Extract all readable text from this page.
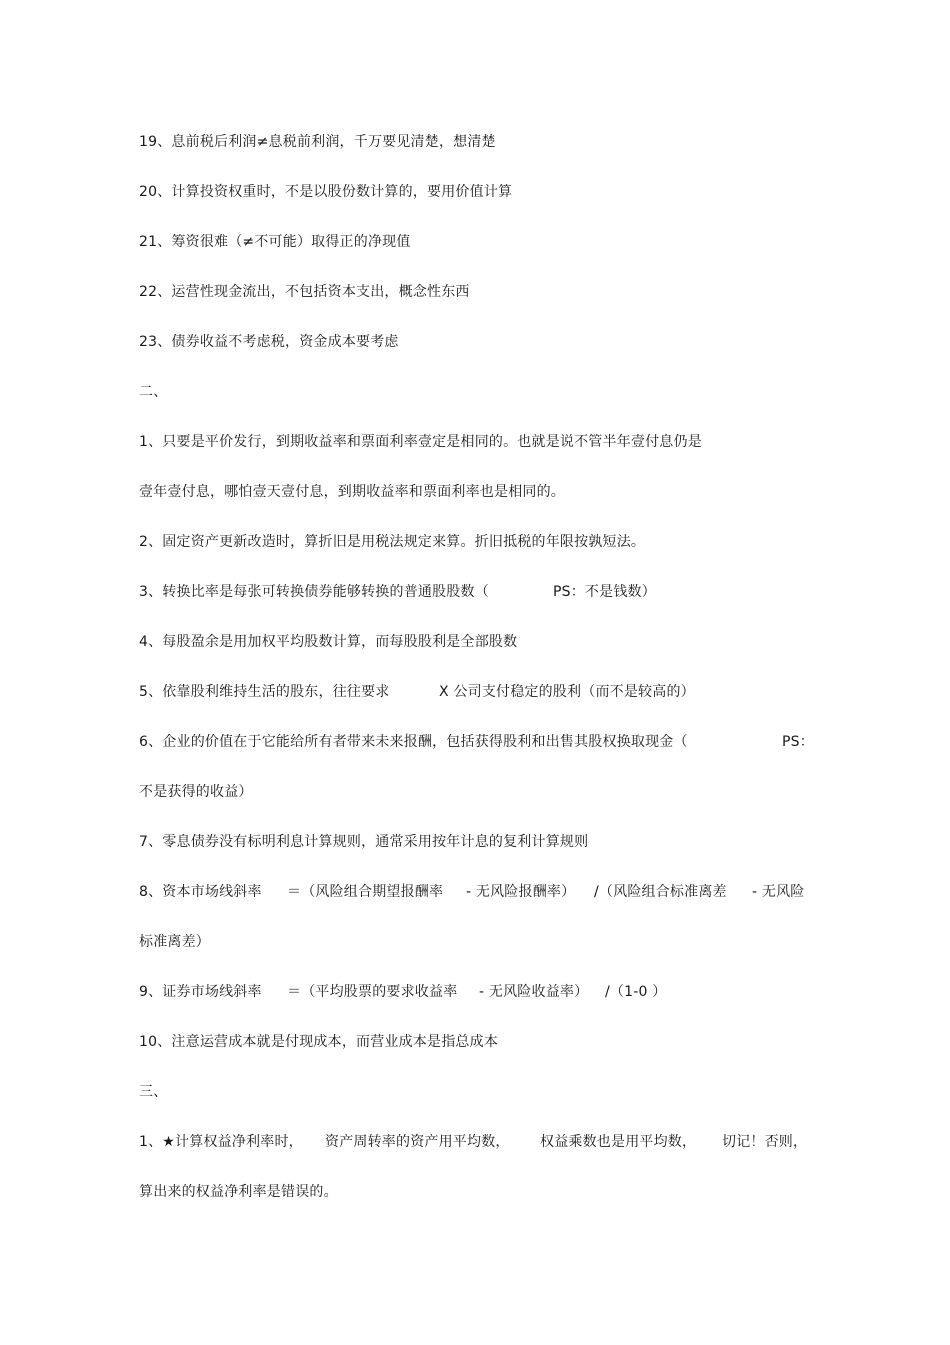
19、息前税后利润≠息税前利润，千万要见清楚，想清楚
20、计算投资权重时，不是以股份数计算的，要用价值计算
21、筹资很难（≠不可能）取得正的净现值
22、运营性现金流出，不包括资本支出，概念性东西
23、债券收益不考虑税，资金成本要考虑
二、
1、只要是平价发行，到期收益率和票面利率壹定是相同的。也就是说不管半年壹付息仍是
壹年壹付息，哪怕壹天壹付息，到期收益率和票面利率也是相同的。
2、固定资产更新改造时，算折旧是用税法规定来算。折旧抵税的年限按孰短法。
3、转换比率是每张可转换债券能够转换的普通股股数（	PS：不是钱数）
4、每股盈余是用加权平均股数计算，而每股股利是全部股数
5、依靠股利维持生活的股东，往往要求	X 公司支付稳定的股利（而不是较高的）
6、企业的价值在于它能给所有者带来未来报酬，包括获得股利和出售其股权换取现金（	PS：
不是获得的收益）
7、零息债券没有标明利息计算规则，通常采用按年计息的复利计算规则
8、资本市场线斜率 ＝（风险组合期望报酬率 - 无风险报酬率） /（风险组合标准离差 - 无风险
标准离差）
9、证券市场线斜率 ＝（平均股票的要求收益率 - 无风险收益率） /（1-0 ）
10、注意运营成本就是付现成本，而营业成本是指总成本
三、
1、★计算权益净利率时， 资产周转率的资产用平均数， 权益乘数也是用平均数， 切记！否则，
算出来的权益净利率是错误的。
